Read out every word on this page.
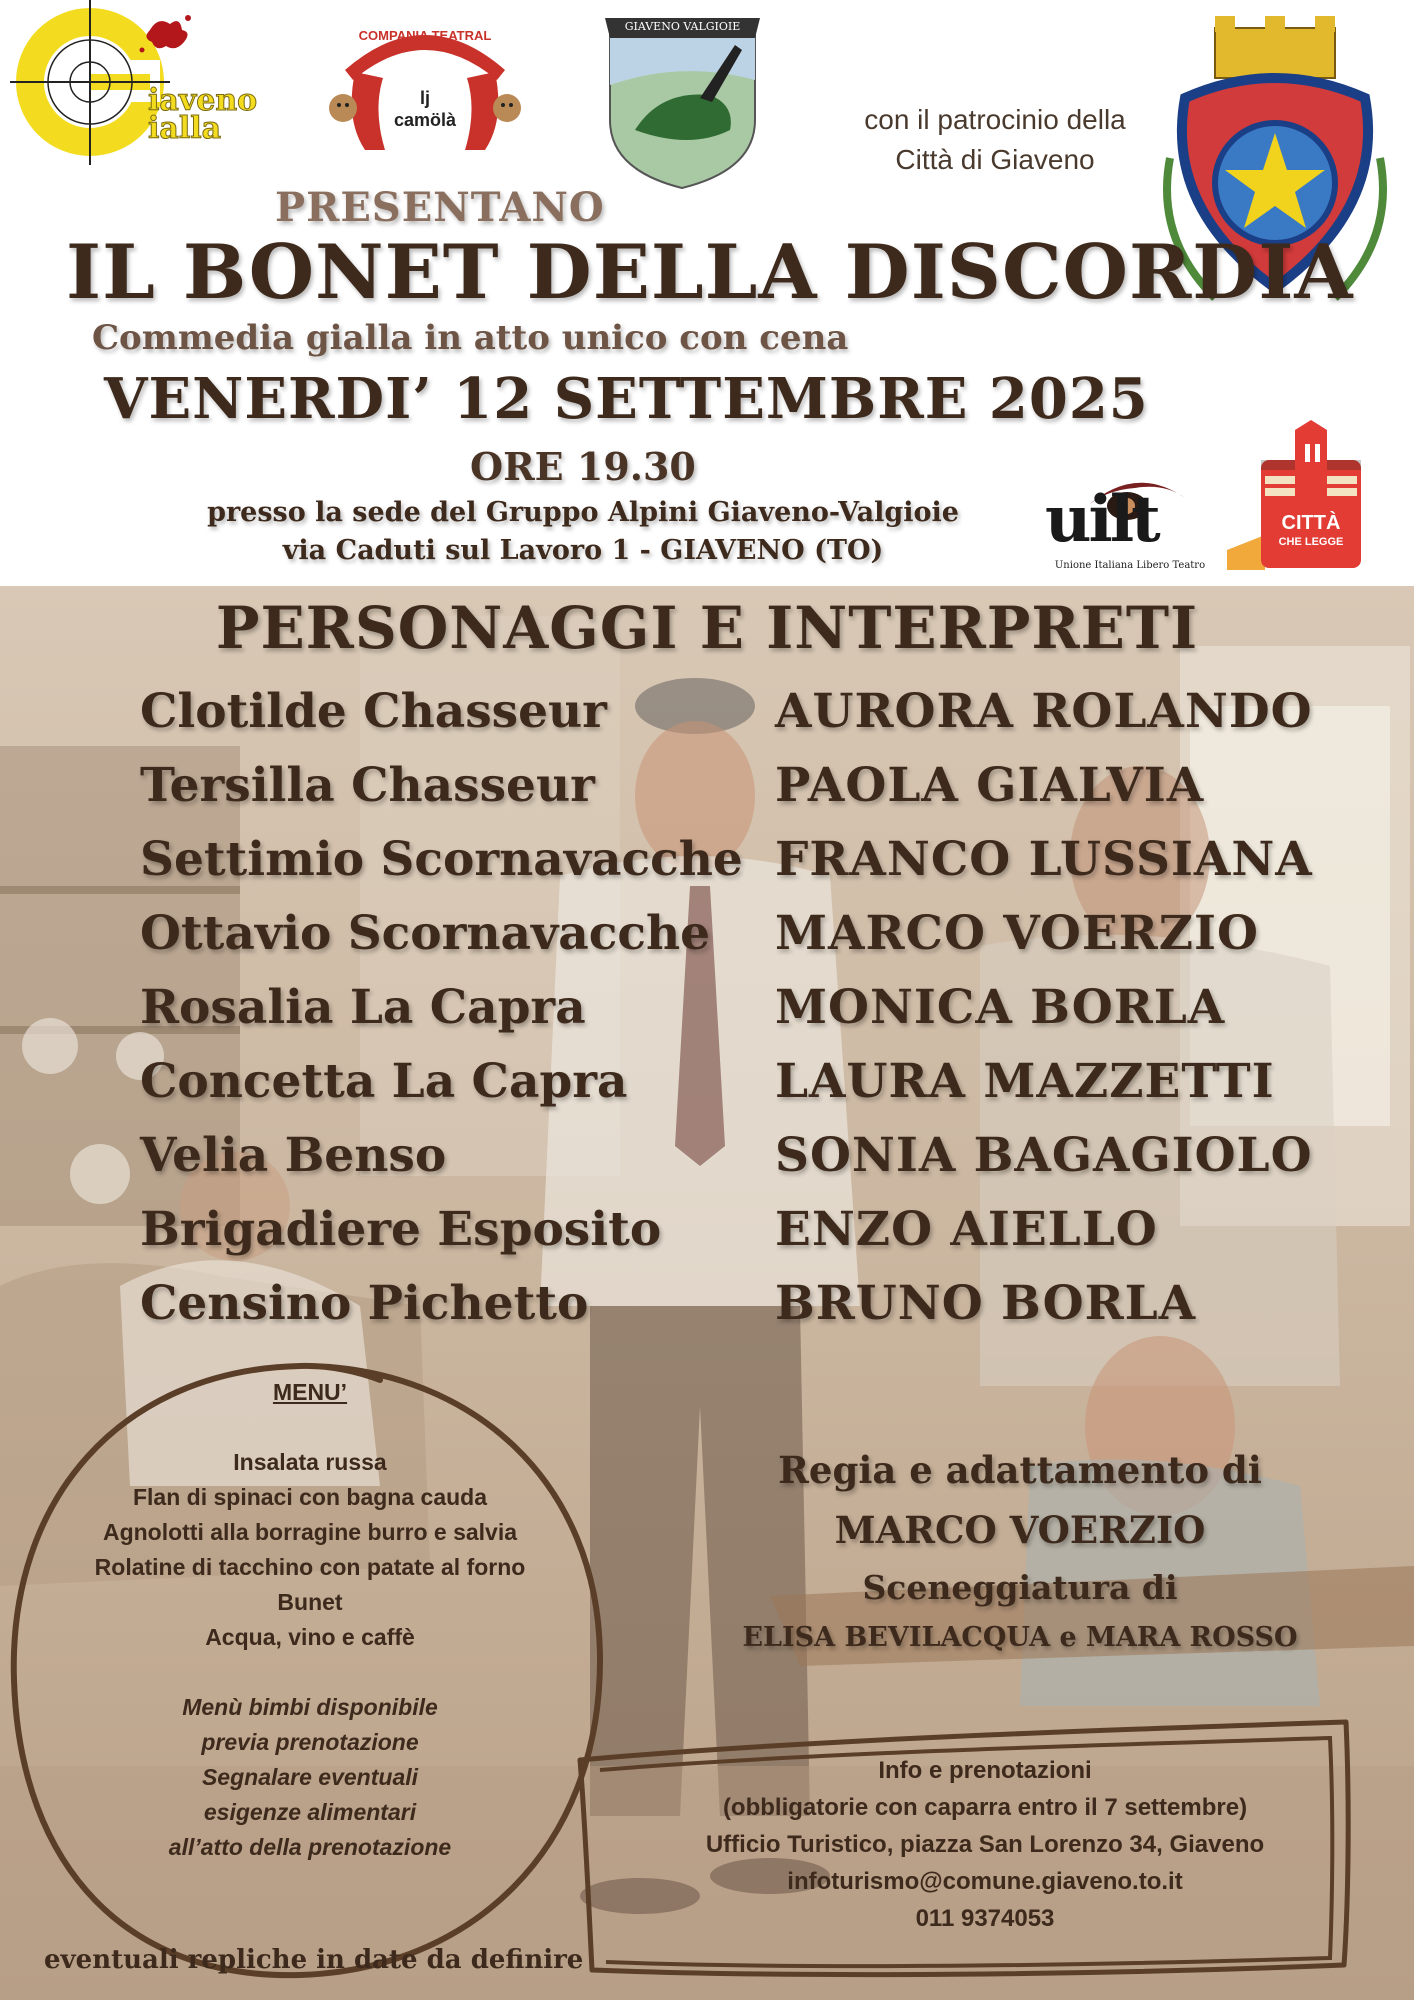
iaveno
ialla
COMPANIA TEATRAL
lj
camölà
GIAVENO VALGIOIE
con il patrocinio della
Città di Giaveno
PRESENTANO
IL BONET DELLA DISCORDIA
Commedia gialla in atto unico con cena
VENERDI’ 12 SETTEMBRE 2025
ORE 19.30
presso la sede del Gruppo Alpini Giaveno-Valgioie
via Caduti sul Lavoro 1 - GIAVENO (TO)	uilt
Unione Italiana Libero Teatro
CITTÀ
CHE LEGGE
PERSONAGGI E INTERPRETI
Clotilde Chasseur	AURORA ROLANDO
Tersilla Chasseur	PAOLA GIALVIA
Settimio Scornavacche FRANCO LUSSIANA
Ottavio Scornavacche MARCO VOERZIO
Rosalia La Capra	MONICA BORLA
Concetta La Capra	LAURA MAZZETTI
Velia Benso	SONIA BAGAGIOLO
Brigadiere Esposito ENZO AIELLO
Censino Pichetto	BRUNO BORLA
MENU’
Insalata russa
Flan di spinaci con bagna cauda
Agnolotti alla borragine burro e salvia
Rolatine di tacchino con patate al forno
Bunet
Acqua, vino e caffè
Menù bimbi disponibile
previa prenotazione
Segnalare eventuali
esigenze alimentari
all’atto della prenotazione
Regia e adattamento di
MARCO VOERZIO
Sceneggiatura di
ELISA BEVILACQUA e MARA ROSSO
Info e prenotazioni
(obbligatorie con caparra entro il 7 settembre)
Ufficio Turistico, piazza San Lorenzo 34, Giaveno
infoturismo@comune.giaveno.to.it
011 9374053
eventuali repliche in date da definire
